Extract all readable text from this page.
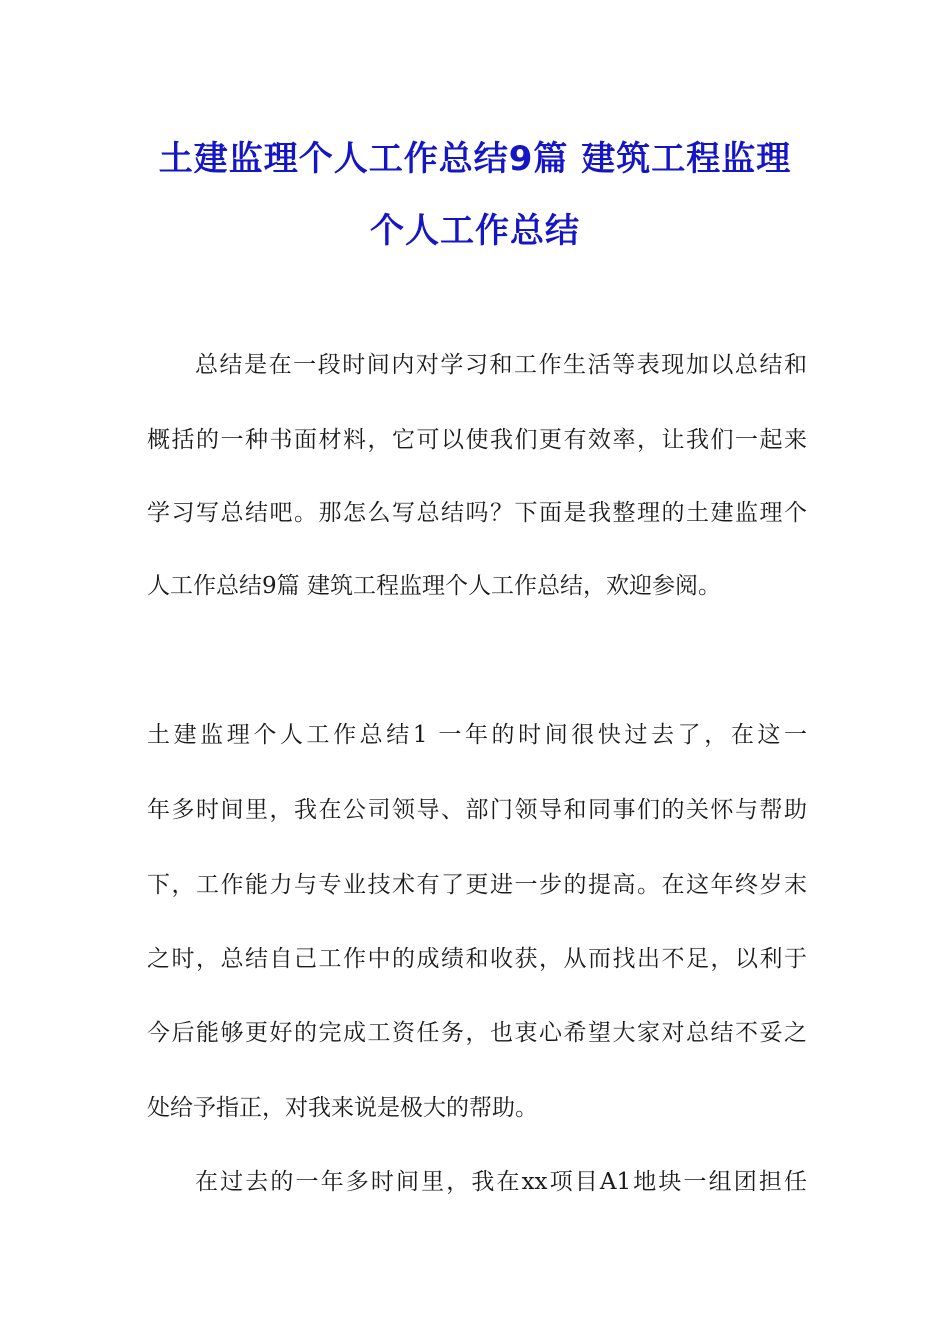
土建监理个人工作总结9篇 建筑工程监理
个人工作总结
总结是在一段时间内对学习和工作生活等表现加以总结和
概括的一种书面材料，它可以使我们更有效率，让我们一起来
学习写总结吧。那怎么写总结吗？下面是我整理的土建监理个
人工作总结9篇 建筑工程监理个人工作总结，欢迎参阅。
土建监理个人工作总结1 一年的时间很快过去了，在这一
年多时间里，我在公司领导、部门领导和同事们的关怀与帮助
下，工作能力与专业技术有了更进一步的提高。在这年终岁末
之时，总结自己工作中的成绩和收获，从而找出不足，以利于
今后能够更好的完成工资任务，也衷心希望大家对总结不妥之
处给予指正，对我来说是极大的帮助。
在过去的一年多时间里，我在xx项目A1地块一组团担任
